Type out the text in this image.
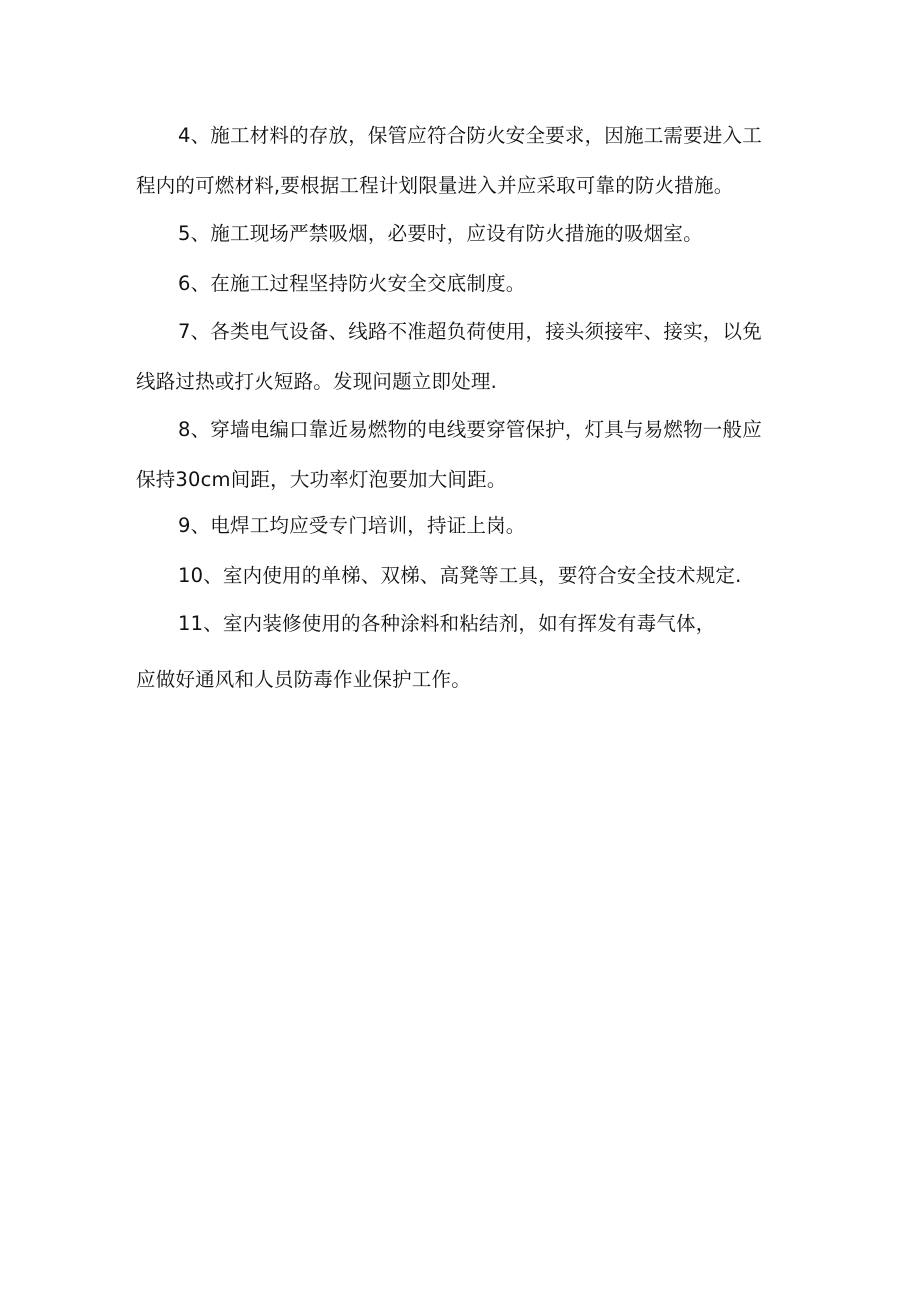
4、施工材料的存放，保管应符合防火安全要求，因施工需要进入工
程内的可燃材料,要根据工程计划限量进入并应采取可靠的防火措施。
5、施工现场严禁吸烟，必要时，应设有防火措施的吸烟室。
6、在施工过程坚持防火安全交底制度。
7、各类电气设备、线路不准超负荷使用，接头须接牢、接实，以免
线路过热或打火短路。发现问题立即处理.
8、穿墙电编口靠近易燃物的电线要穿管保护，灯具与易燃物一般应
保持30cm间距，大功率灯泡要加大间距。
9、电焊工均应受专门培训，持证上岗。
10、室内使用的单梯、双梯、高凳等工具，要符合安全技术规定.
11、室内装修使用的各种涂料和粘结剂，如有挥发有毒气体，
应做好通风和人员防毒作业保护工作。
